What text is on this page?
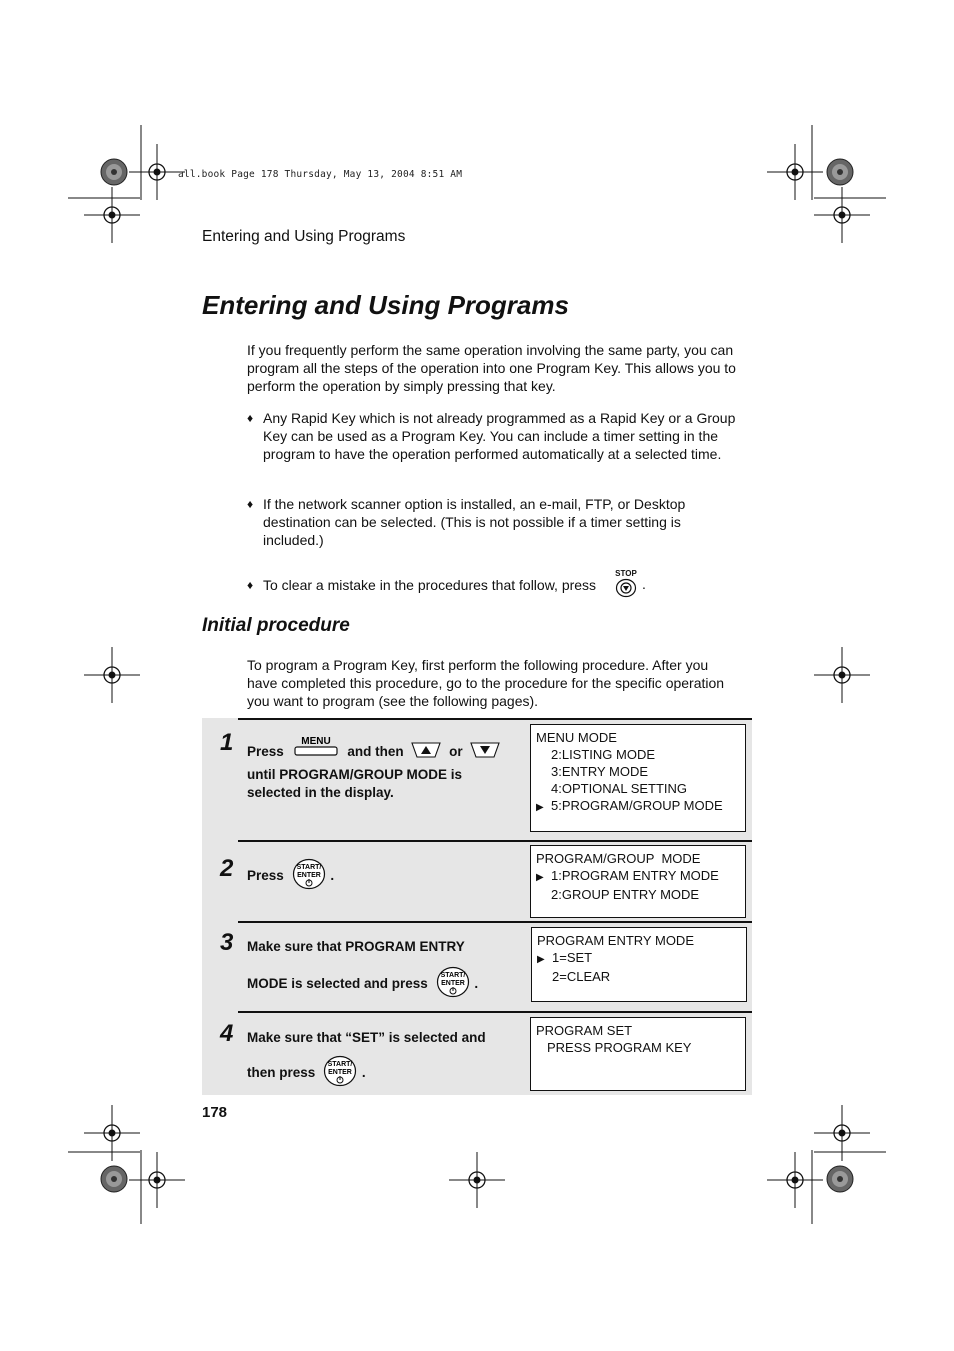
all.book Page 178 Thursday, May 13, 2004 8:51 AM
Entering and Using Programs
Entering and Using Programs

If you frequently perform the same operation involving the same party, you can program all the steps of the operation into one Program Key. This allows you to perform the operation by simply pressing that key.

♦ Any Rapid Key which is not already programmed as a Rapid Key or a Group Key can be used as a Program Key. You can include a timer setting in the program to have the operation performed automatically at a selected time.
♦ If the network scanner option is installed, an e-mail, FTP, or Desktop destination can be selected. (This is not possible if a timer setting is included.)
♦ To clear a mistake in the procedures that follow, press
STOP
.
Initial procedure

To program a Program Key, first perform the following procedure. After you have completed this procedure, go to the procedure for the specific operation you want to program (see the following pages).

1 Press
MENU
and then	or
until PROGRAM/GROUP MODE is
selected in the display.
MENU MODE
2:LISTING MODE
3:ENTRY MODE
4:OPTIONAL SETTING
▶ 5:PROGRAM/GROUP MODE
2 Press
START/
ENTER .
PROGRAM/GROUP  MODE
▶ 1:PROGRAM ENTRY MODE
2:GROUP ENTRY MODE
3 Make sure that PROGRAM ENTRY
MODE is selected and press
START/
ENTER .
PROGRAM ENTRY MODE
▶ 1=SET
2=CLEAR
4 Make sure that “SET” is selected and
then press
START/
ENTER .
PROGRAM SET
PRESS PROGRAM KEY
178
